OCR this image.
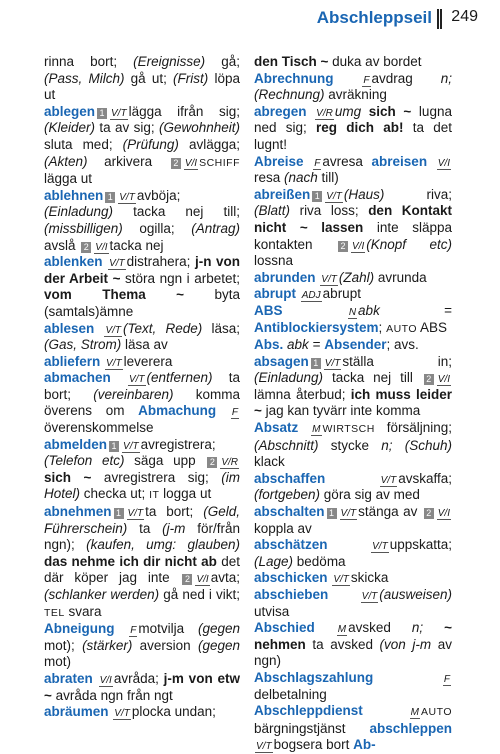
Abschleppseil 249

rinna bort; (Ereignisse) gå; (Pass, Milch) gå ut; (Frist) löpa ut

ablegen 1 V/T lägga ifrån sig; (Kleider) ta av sig; (Gewohnheit) sluta med; (Prüfung) avlägga; (Akten) arkivera 2 V/I SCHIFF lägga ut

ablehnen 1 V/T avböja; (Einladung) tacka nej till; (missbilligen) ogilla; (Antrag) avslå 2 V/I tacka nej

ablenken V/T distrahera; j-n von der Arbeit ~ störa ngn i arbetet; vom Thema ~ byta (samtals)ämne

ablesen V/T (Text, Rede) läsa; (Gas, Strom) läsa av

abliefern V/T leverera

abmachen V/T (entfernen) ta bort; (vereinbaren) komma överens om Abmachung Föverenskommelse

abmelden 1 V/T avregistrera; (Telefon etc) säga upp 2 V/Rsich ~ avregistrera sig; (im Hotel) checka ut; IT logga ut

abnehmen 1 V/T ta bort; (Geld, Führerschein) ta (j-m för/från ngn); (kaufen, umg: glauben) das nehme ich dir nicht ab det där köper jag inte 2 V/I avta; (schlanker werden) gå ned i vikt; TEL svara

Abneigung F motvilja (gegen mot); (stärker) aversion (gegen mot)

abraten V/I avråda; j-m von etw ~ avråda ngn från ngt

abräumen V/T plocka undan;

den Tisch ~ duka av bordet

Abrechnung	F avdrag n; (Rechnung) avräkning

abregen V/R umg sich ~ lugna ned sig; reg dich ab! ta det lugnt!

Abreise F avresa abreisen V/Iresa (nach till)

abreißen 1 V/T (Haus) riva; (Blatt) riva loss; den Kontakt nicht ~ lassen inte släppa kontakten 2 V/I (Knopf etc) lossna

abrunden V/T (Zahl) avrunda

abrupt ADJ abrupt

ABS	N abk = Antiblockiersystem; AUTO ABS

Abs. abk = Absender; avs.

absagen 1 V/T ställa in; (Einladung) tacka nej till 2 V/Ilämna återbud; ich muss leider ~ jag kan tyvärr inte komma

Absatz M WIRTSCH försäljning; (Abschnitt) stycke n; (Schuh) klack

abschaffen	V/T avskaffa; (fortgeben) göra sig av med

abschalten 1 V/T stänga av 2 V/Ikoppla av

abschätzen	V/T uppskatta; (Lage) bedöma

abschicken V/T skicka

abschieben	V/T (ausweisen) utvisa

Abschied M avsked n; ~ nehmen ta avsked (von j-m av ngn)

Abschlagszahlung	Fdelbetalning

Abschleppdienst	M AUTO bärgningstjänst abschleppen V/T bogsera bort Ab-
